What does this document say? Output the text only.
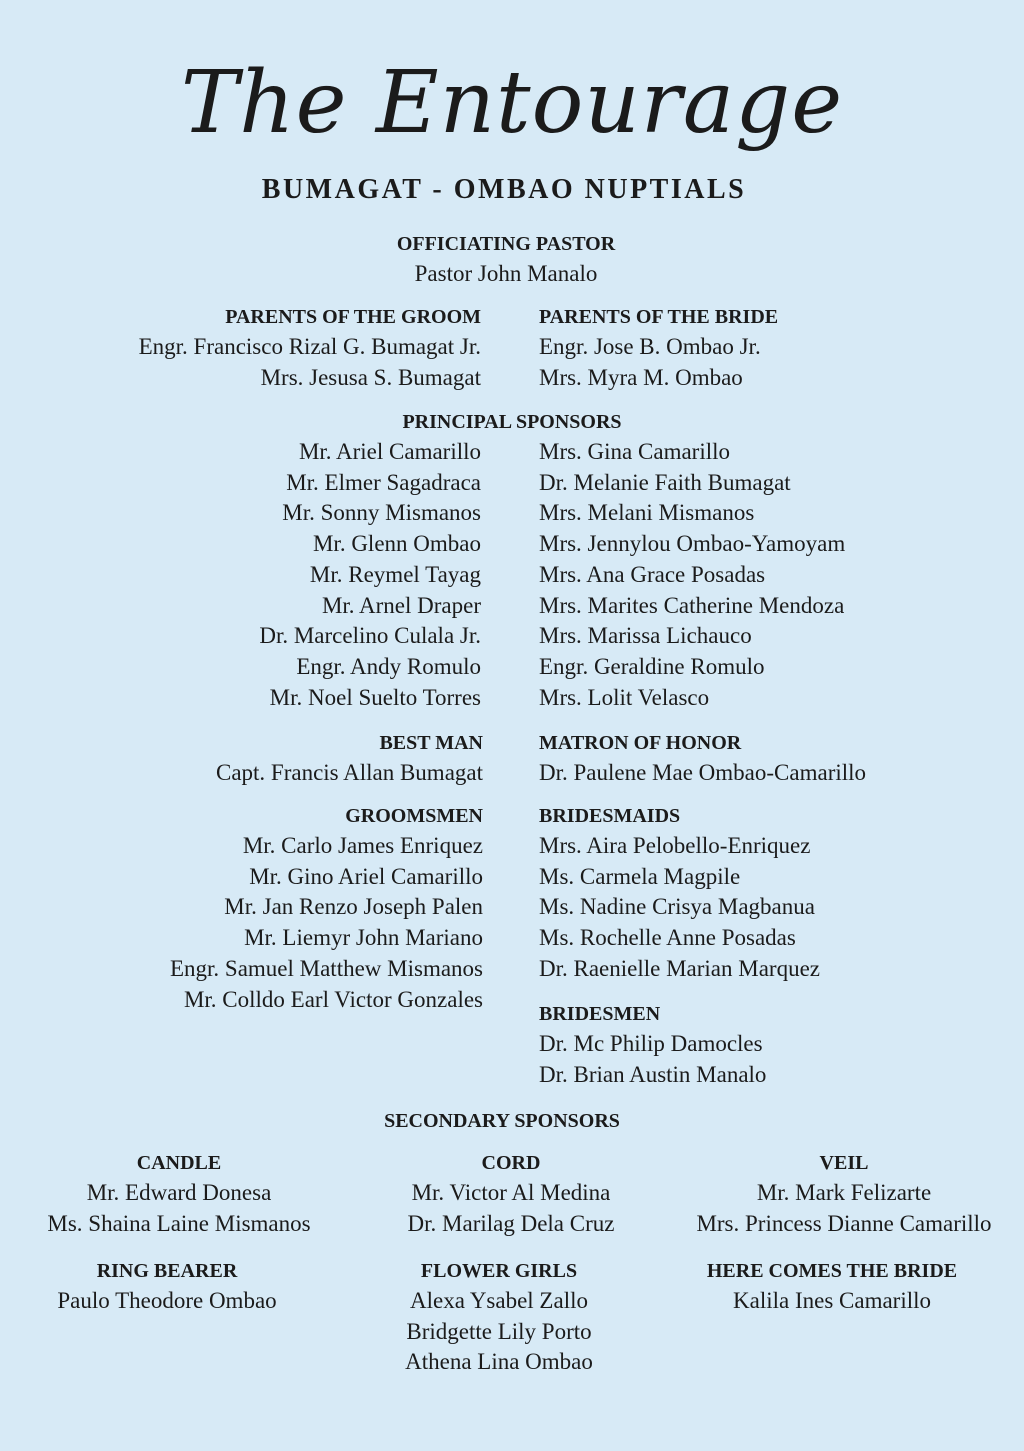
The Entourage
BUMAGAT - OMBAO NUPTIALS
OFFICIATING PASTOR
Pastor John Manalo
PARENTS OF THE GROOM
Engr. Francisco Rizal G. Bumagat Jr.
Mrs. Jesusa S. Bumagat
PARENTS OF THE BRIDE
Engr. Jose B. Ombao Jr.
Mrs. Myra M. Ombao
PRINCIPAL SPONSORS
Mr. Ariel Camarillo
Mr. Elmer Sagadraca
Mr. Sonny Mismanos
Mr. Glenn Ombao
Mr. Reymel Tayag
Mr. Arnel Draper
Dr. Marcelino Culala Jr.
Engr. Andy Romulo
Mr. Noel Suelto Torres
Mrs. Gina Camarillo
Dr. Melanie Faith Bumagat
Mrs. Melani Mismanos
Mrs. Jennylou Ombao-Yamoyam
Mrs. Ana Grace Posadas
Mrs. Marites Catherine Mendoza
Mrs. Marissa Lichauco
Engr. Geraldine Romulo
Mrs. Lolit Velasco
BEST MAN
Capt. Francis Allan Bumagat
MATRON OF HONOR
Dr. Paulene Mae Ombao-Camarillo
GROOMSMEN
Mr. Carlo James Enriquez
Mr. Gino Ariel Camarillo
Mr. Jan Renzo Joseph Palen
Mr. Liemyr John Mariano
Engr. Samuel Matthew Mismanos
Mr. Colldo Earl Victor Gonzales
BRIDESMAIDS
Mrs. Aira Pelobello-Enriquez
Ms. Carmela Magpile
Ms. Nadine Crisya Magbanua
Ms. Rochelle Anne Posadas
Dr. Raenielle Marian Marquez
BRIDESMEN
Dr. Mc Philip Damocles
Dr. Brian Austin Manalo
SECONDARY SPONSORS
CANDLE
Mr. Edward Donesa
Ms. Shaina Laine Mismanos
CORD
Mr. Victor Al Medina
Dr. Marilag Dela Cruz
VEIL
Mr. Mark Felizarte
Mrs. Princess Dianne Camarillo
RING BEARER
Paulo Theodore Ombao
FLOWER GIRLS
Alexa Ysabel Zallo
Bridgette Lily Porto
Athena Lina Ombao
HERE COMES THE BRIDE
Kalila Ines Camarillo
